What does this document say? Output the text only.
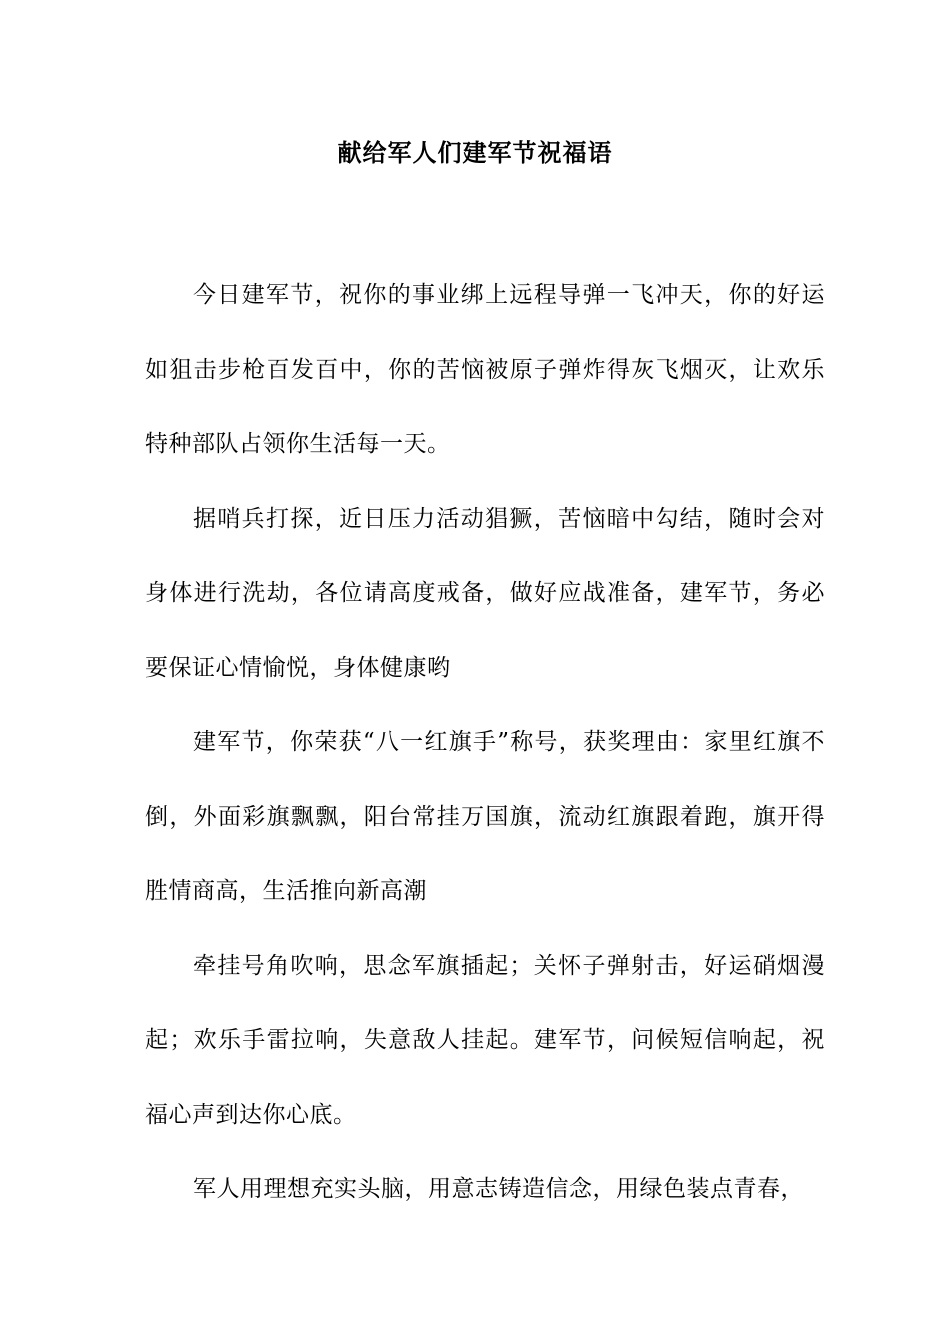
献给军人们建军节祝福语

今日建军节，祝你的事业绑上远程导弹一飞冲天，你的好运如狙击步枪百发百中，你的苦恼被原子弹炸得灰飞烟灭，让欢乐特种部队占领你生活每一天。

据哨兵打探，近日压力活动猖獗，苦恼暗中勾结，随时会对身体进行洗劫，各位请高度戒备，做好应战准备，建军节，务必要保证心情愉悦，身体健康哟

建军节，你荣获“八一红旗手”称号，获奖理由：家里红旗不倒，外面彩旗飘飘，阳台常挂万国旗，流动红旗跟着跑，旗开得胜情商高，生活推向新高潮

牵挂号角吹响，思念军旗插起；关怀子弹射击，好运硝烟漫起；欢乐手雷拉响，失意敌人挂起。建军节，问候短信响起，祝福心声到达你心底。

军人用理想充实头脑，用意志铸造信念，用绿色装点青春，
